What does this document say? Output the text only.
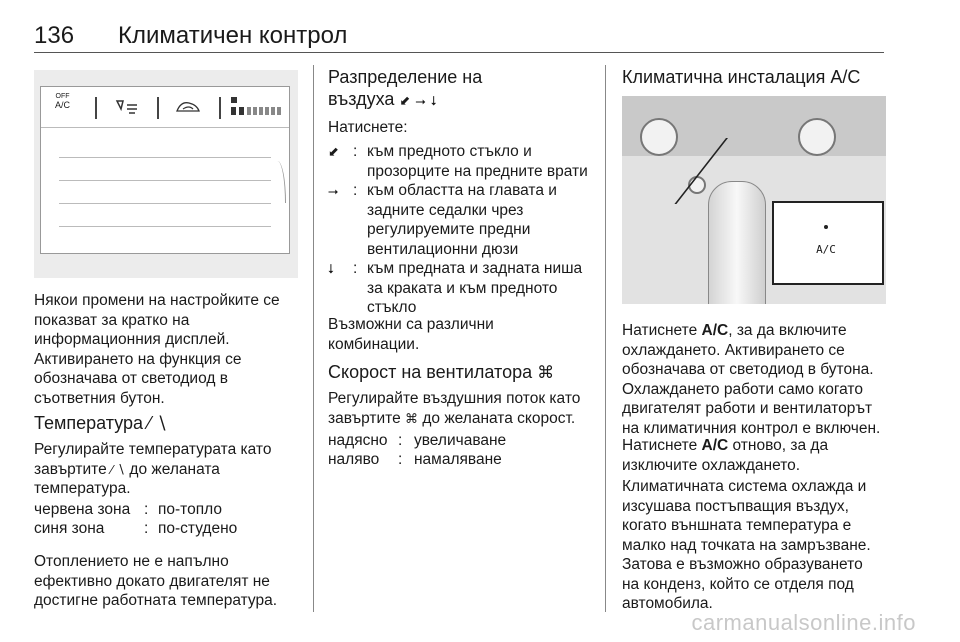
136 Климатичен контрол
OFF
A/C
Някои промени на настройките се
показват за кратко на
информационния дисплей.
Активирането на функция се
обозначава от светодиод в
съответния бутон.
Температура ⁄ ∖
Регулирайте температурата като
завъртите ⁄ ∖ до желаната
температура.
червена зона : по-топло
синя зона	: по-студено
Отоплението не е напълно
ефективно докато двигателят не
достигне работната температура.
Разпределение на
въздуха ⬋ ⭢ ⭣
Натиснете:
⬋ : към предното стъкло и
прозорците на предните врати
⭢ : към областта на главата и
задните седалки чрез
регулируемите предни
вентилационни дюзи
⭣ : към предната и задната ниша
за краката и към предното
стъкло
Възможни са различни
комбинации.
Скорост на вентилатора ⌘
Регулирайте въздушния поток като
завъртите ⌘ до желаната скорост.
надясно : увеличаване
наляво : намаляване
Климатична инсталация A/C
A/C
Натиснете A/C, за да включите
охлаждането. Активирането се
обозначава от светодиод в бутона.
Охлаждането работи само когато
двигателят работи и вентилаторът
на климатичния контрол е включен.
Натиснете A/C отново, за да
изключите охлаждането.
Климатичната система охлажда и
изсушава постъпващия въздух,
когато външната температура е
малко над точката на замръзване.
Затова е възможно образуването
на конденз, който се отделя под
автомобила.
carmanualsonline.info
